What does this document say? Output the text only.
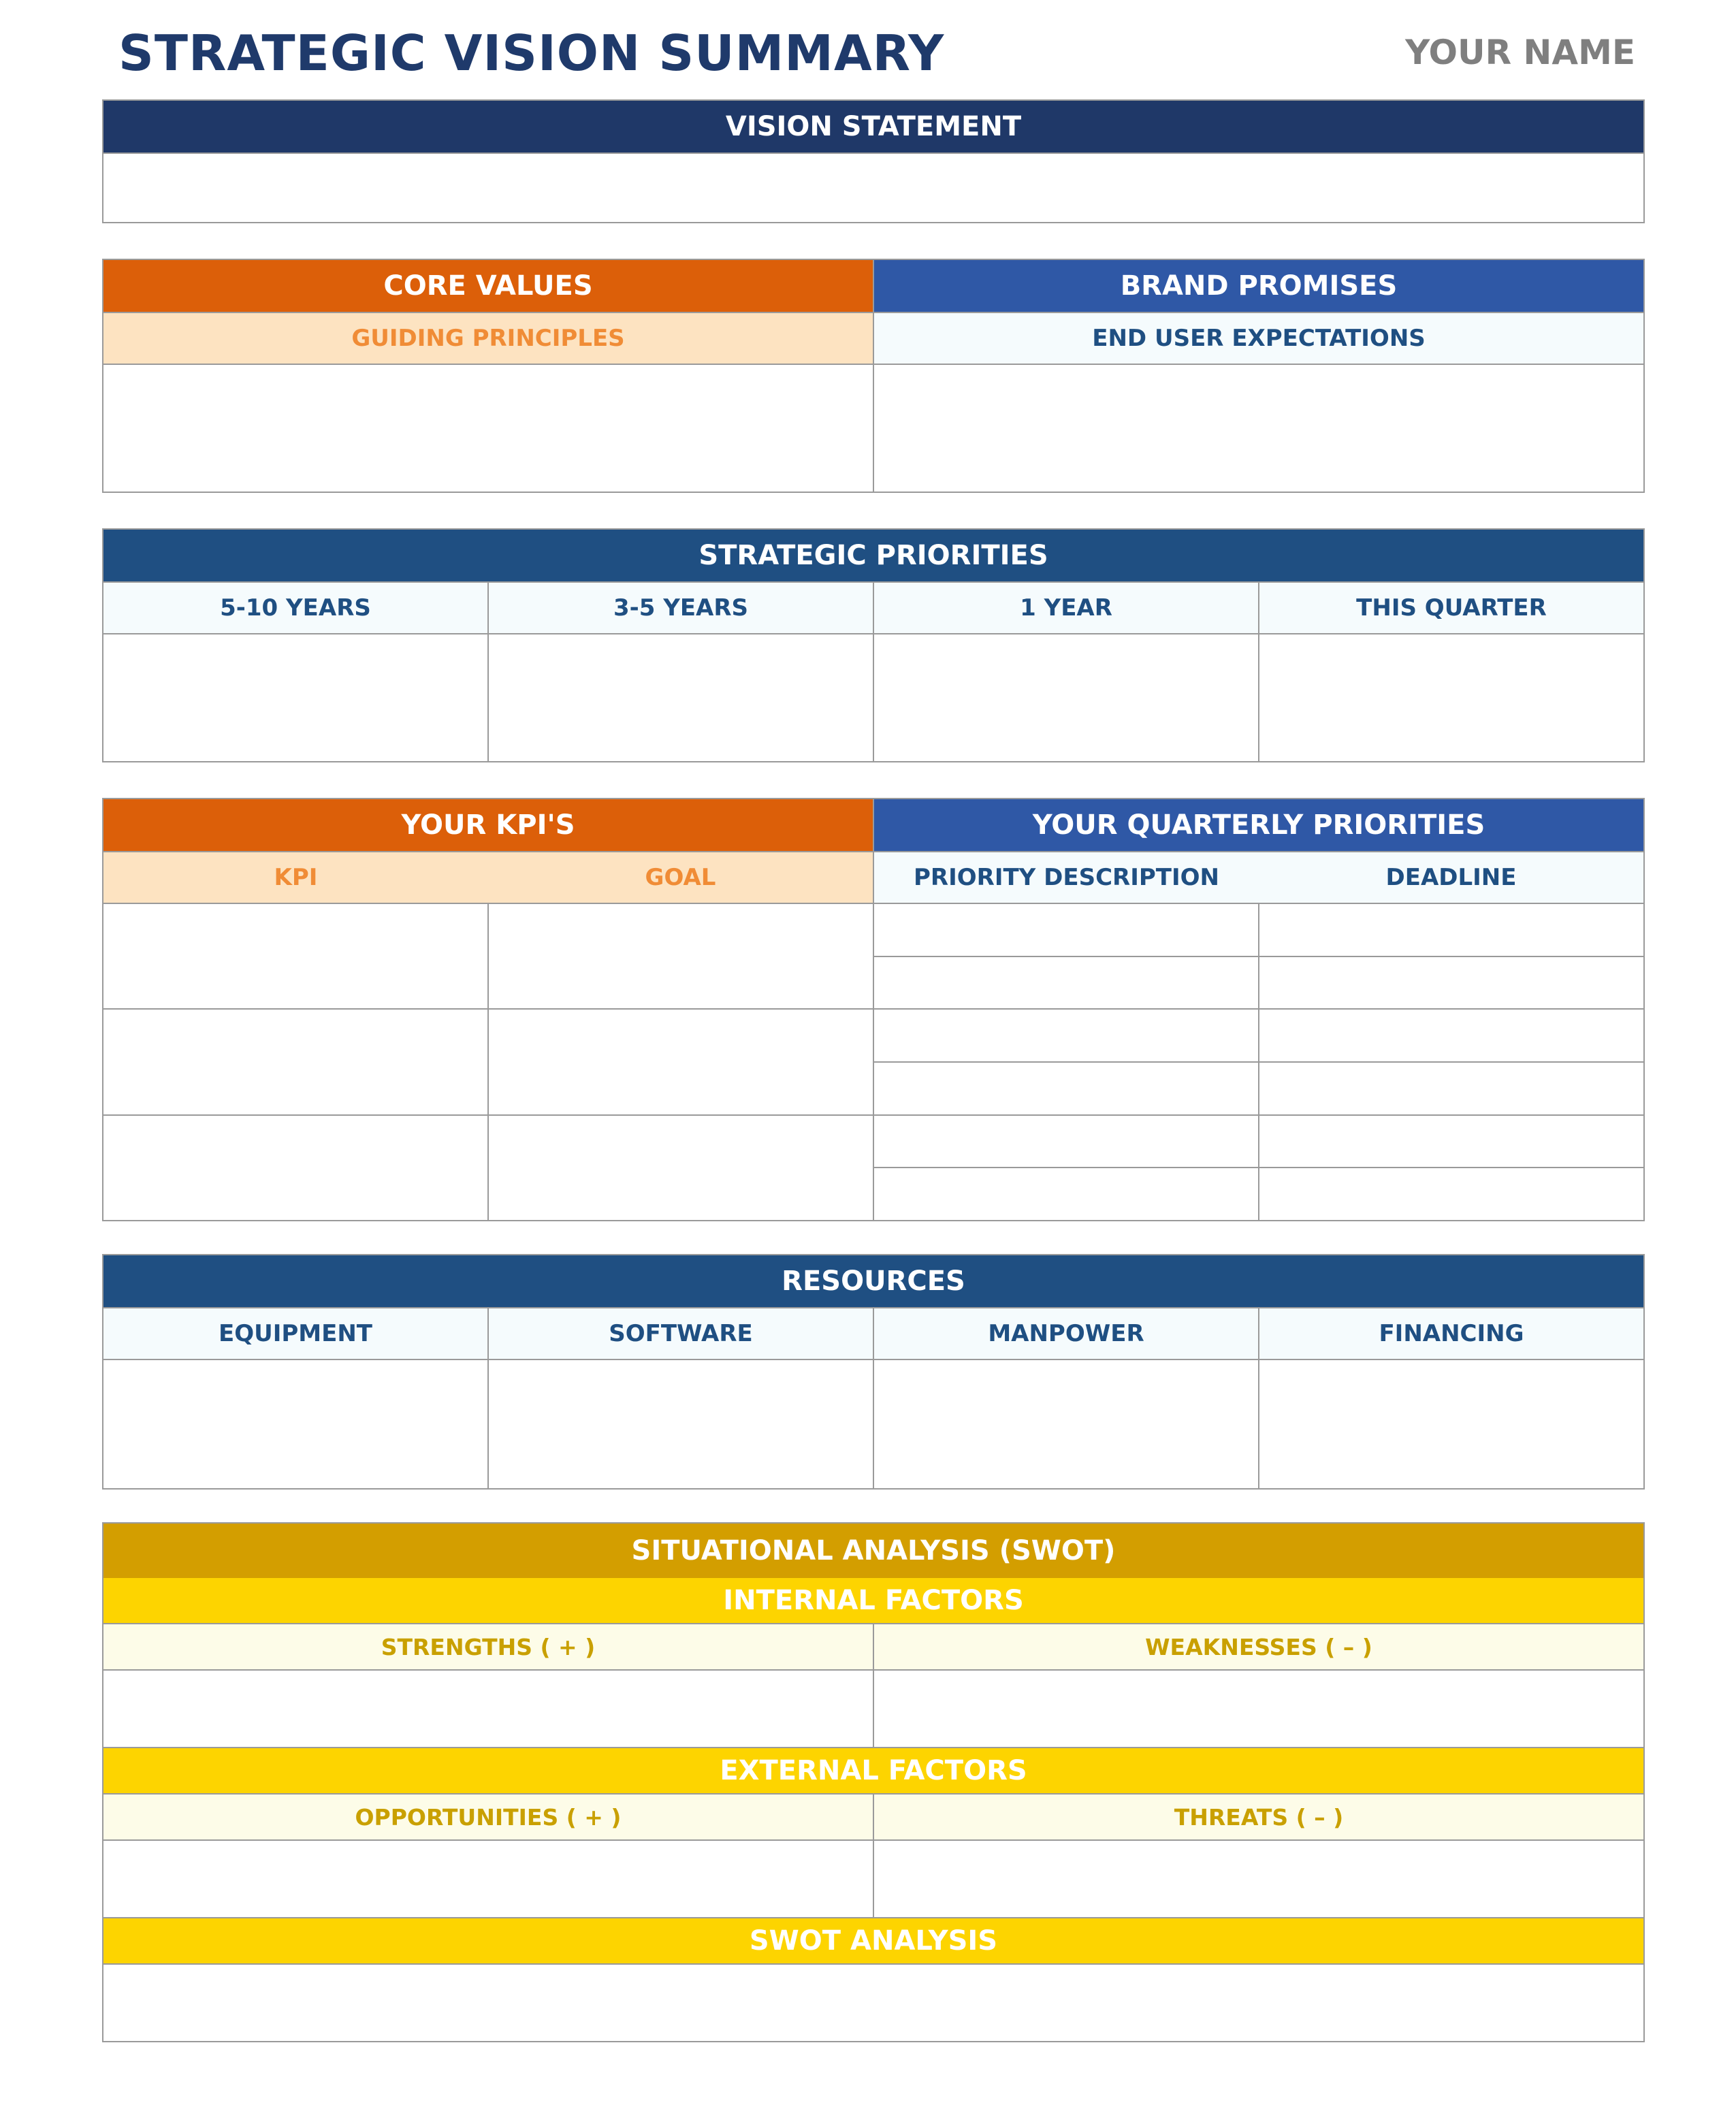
STRATEGIC VISION SUMMARY	YOUR NAME
VISION STATEMENT
CORE VALUES	BRAND PROMISES
GUIDING PRINCIPLES	END USER EXPECTATIONS
STRATEGIC PRIORITIES
5-10 YEARS	3-5 YEARS	1 YEAR	THIS QUARTER
YOUR KPI'S	YOUR QUARTERLY PRIORITIES
KPI	GOAL	PRIORITY DESCRIPTION	DEADLINE
RESOURCES
EQUIPMENT	SOFTWARE	MANPOWER	FINANCING
SITUATIONAL ANALYSIS (SWOT)
INTERNAL FACTORS
STRENGTHS ( + )	WEAKNESSES ( – )
EXTERNAL FACTORS
OPPORTUNITIES ( + )	THREATS ( – )
SWOT ANALYSIS
